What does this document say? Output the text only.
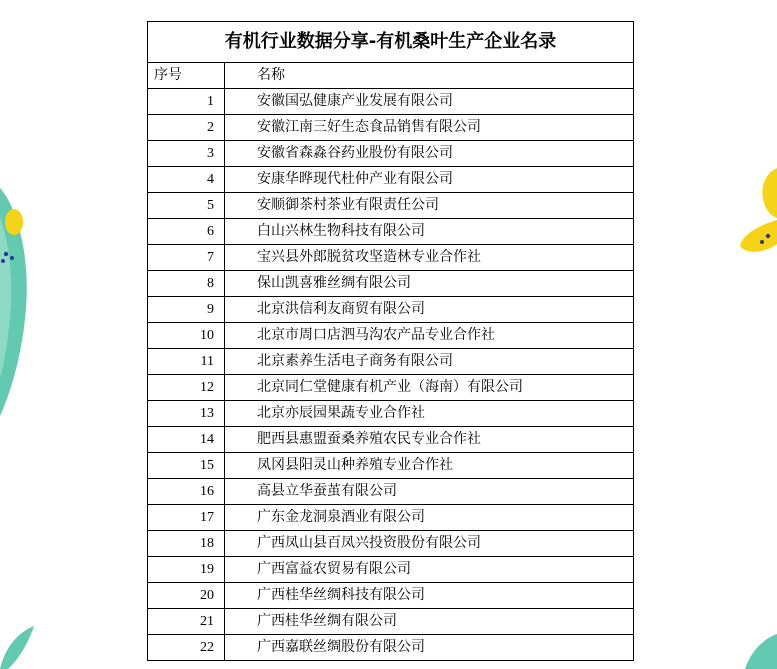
有机行业数据分享-有机桑叶生产企业名录	
序号	名称
1	安徽国弘健康产业发展有限公司
2	安徽江南三好生态食品销售有限公司
3	安徽省森淼谷药业股份有限公司
4	安康华晔现代杜仲产业有限公司
5	安顺御茶村茶业有限责任公司
6	白山兴林生物科技有限公司
7	宝兴县外郎脱贫攻坚造林专业合作社
8	保山凯喜雅丝绸有限公司
9	北京洪信利友商贸有限公司
10	北京市周口店泗马沟农产品专业合作社
11	北京素养生活电子商务有限公司
12	北京同仁堂健康有机产业（海南）有限公司
13	北京亦辰园果蔬专业合作社
14	肥西县惠盟蚕桑养殖农民专业合作社
15	凤冈县阳灵山种养殖专业合作社
16	高县立华蚕茧有限公司
17	广东金龙洞泉酒业有限公司
18	广西凤山县百凤兴投资股份有限公司
19	广西富益农贸易有限公司
20	广西桂华丝绸科技有限公司
21	广西桂华丝绸有限公司
22	广西嘉联丝绸股份有限公司
